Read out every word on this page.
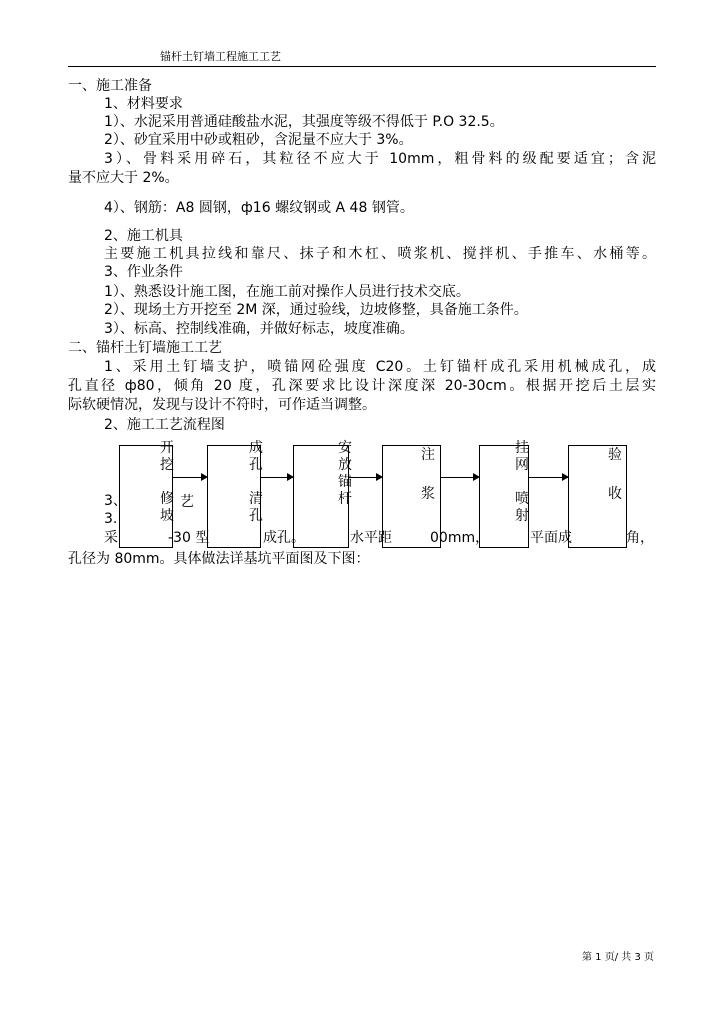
锚杆土钉墙工程施工工艺
一、施工准备
1、材料要求
1）、水泥采用普通硅酸盐水泥，其强度等级不得低于 P.O 32.5。
2）、砂宜采用中砂或粗砂，含泥量不应大于 3%。
3）、骨料采用碎石，其粒径不应大于 10mm，粗骨料的级配要适宜；含泥
量不应大于 2%。
4）、钢筋：A8 圆钢，ф16 螺纹钢或 A 48 钢管。
2、施工机具
主要施工机具拉线和靠尺、抹子和木杠、喷浆机、搅拌机、手推车、水桶等。
3、作业条件
1）、熟悉设计施工图，在施工前对操作人员进行技术交底。
2）、现场土方开挖至 2M 深，通过验线，边坡修整，具备施工条件。
3）、标高、控制线准确，并做好标志，坡度准确。
二、锚杆土钉墙施工工艺
1、采用土钉墙支护，喷锚网砼强度 C20。土钉锚杆成孔采用机械成孔，成
孔直径 ф80，倾角 20 度，孔深要求比设计深度深 20-30cm。根据开挖后土层实
际软硬情况，发现与设计不符时，可作适当调整。
2、施工工艺流程图
3、	艺
3.
采	-30 型	成孔。	水平距	00mm，	平面成	角，
开
挖
修
坡
成
孔
清
孔
安
放
锚
杆
注
浆
挂
网
喷
射
验
收
孔径为 80mm。具体做法详基坑平面图及下图：
第 1 页/ 共 3 页
